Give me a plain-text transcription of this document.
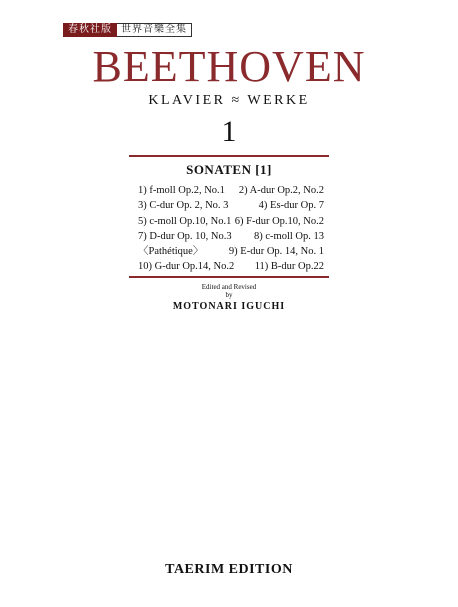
春秋社版 世界音樂全集
BEETHOVEN
KLAVIER ≈ WERKE
1
SONATEN [1]
1) f-moll Op.2, No.1 2) A-dur Op.2, No.2
3) C-dur Op. 2, No. 3	4) Es-dur Op. 7
5) c-moll Op.10, No.1 6) F-dur Op.10, No.2
7) D-dur Op. 10, No.3 8) c-moll Op. 13
〈Pathétique〉 9) E-dur Op. 14, No. 1
10) G-dur Op.14, No.2 11) B-dur Op.22
Edited and Revised
by
MOTONARI IGUCHI
TAERIM EDITION
